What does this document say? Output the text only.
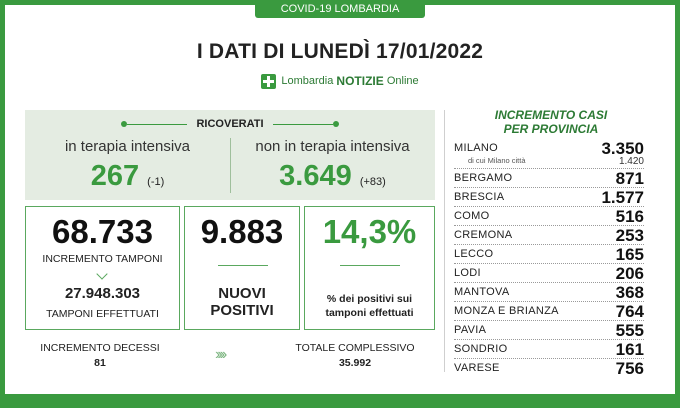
COVID-19 LOMBARDIA
I DATI DI LUNEDÌ 17/01/2022
Lombardia NOTIZIE Online
RICOVERATI
in terapia intensiva
267 (-1)
non in terapia intensiva
3.649 (+83)
68.733
INCREMENTO TAMPONI
27.948.303
TAMPONI EFFETTUATI
9.883
NUOVI
POSITIVI
14,3%
% dei positivi sui
tamponi effettuati
INCREMENTO DECESSI
81	››››	TOTALE COMPLESSIVO
35.992
INCREMENTO CASI
PER PROVINCIA
MILANO	3.350
di cui Milano città	1.420
BERGAMO	871
BRESCIA	1.577
COMO	516
CREMONA	253
LECCO	165
LODI	206
MANTOVA	368
MONZA E BRIANZA	764
PAVIA	555
SONDRIO	161
VARESE	756
